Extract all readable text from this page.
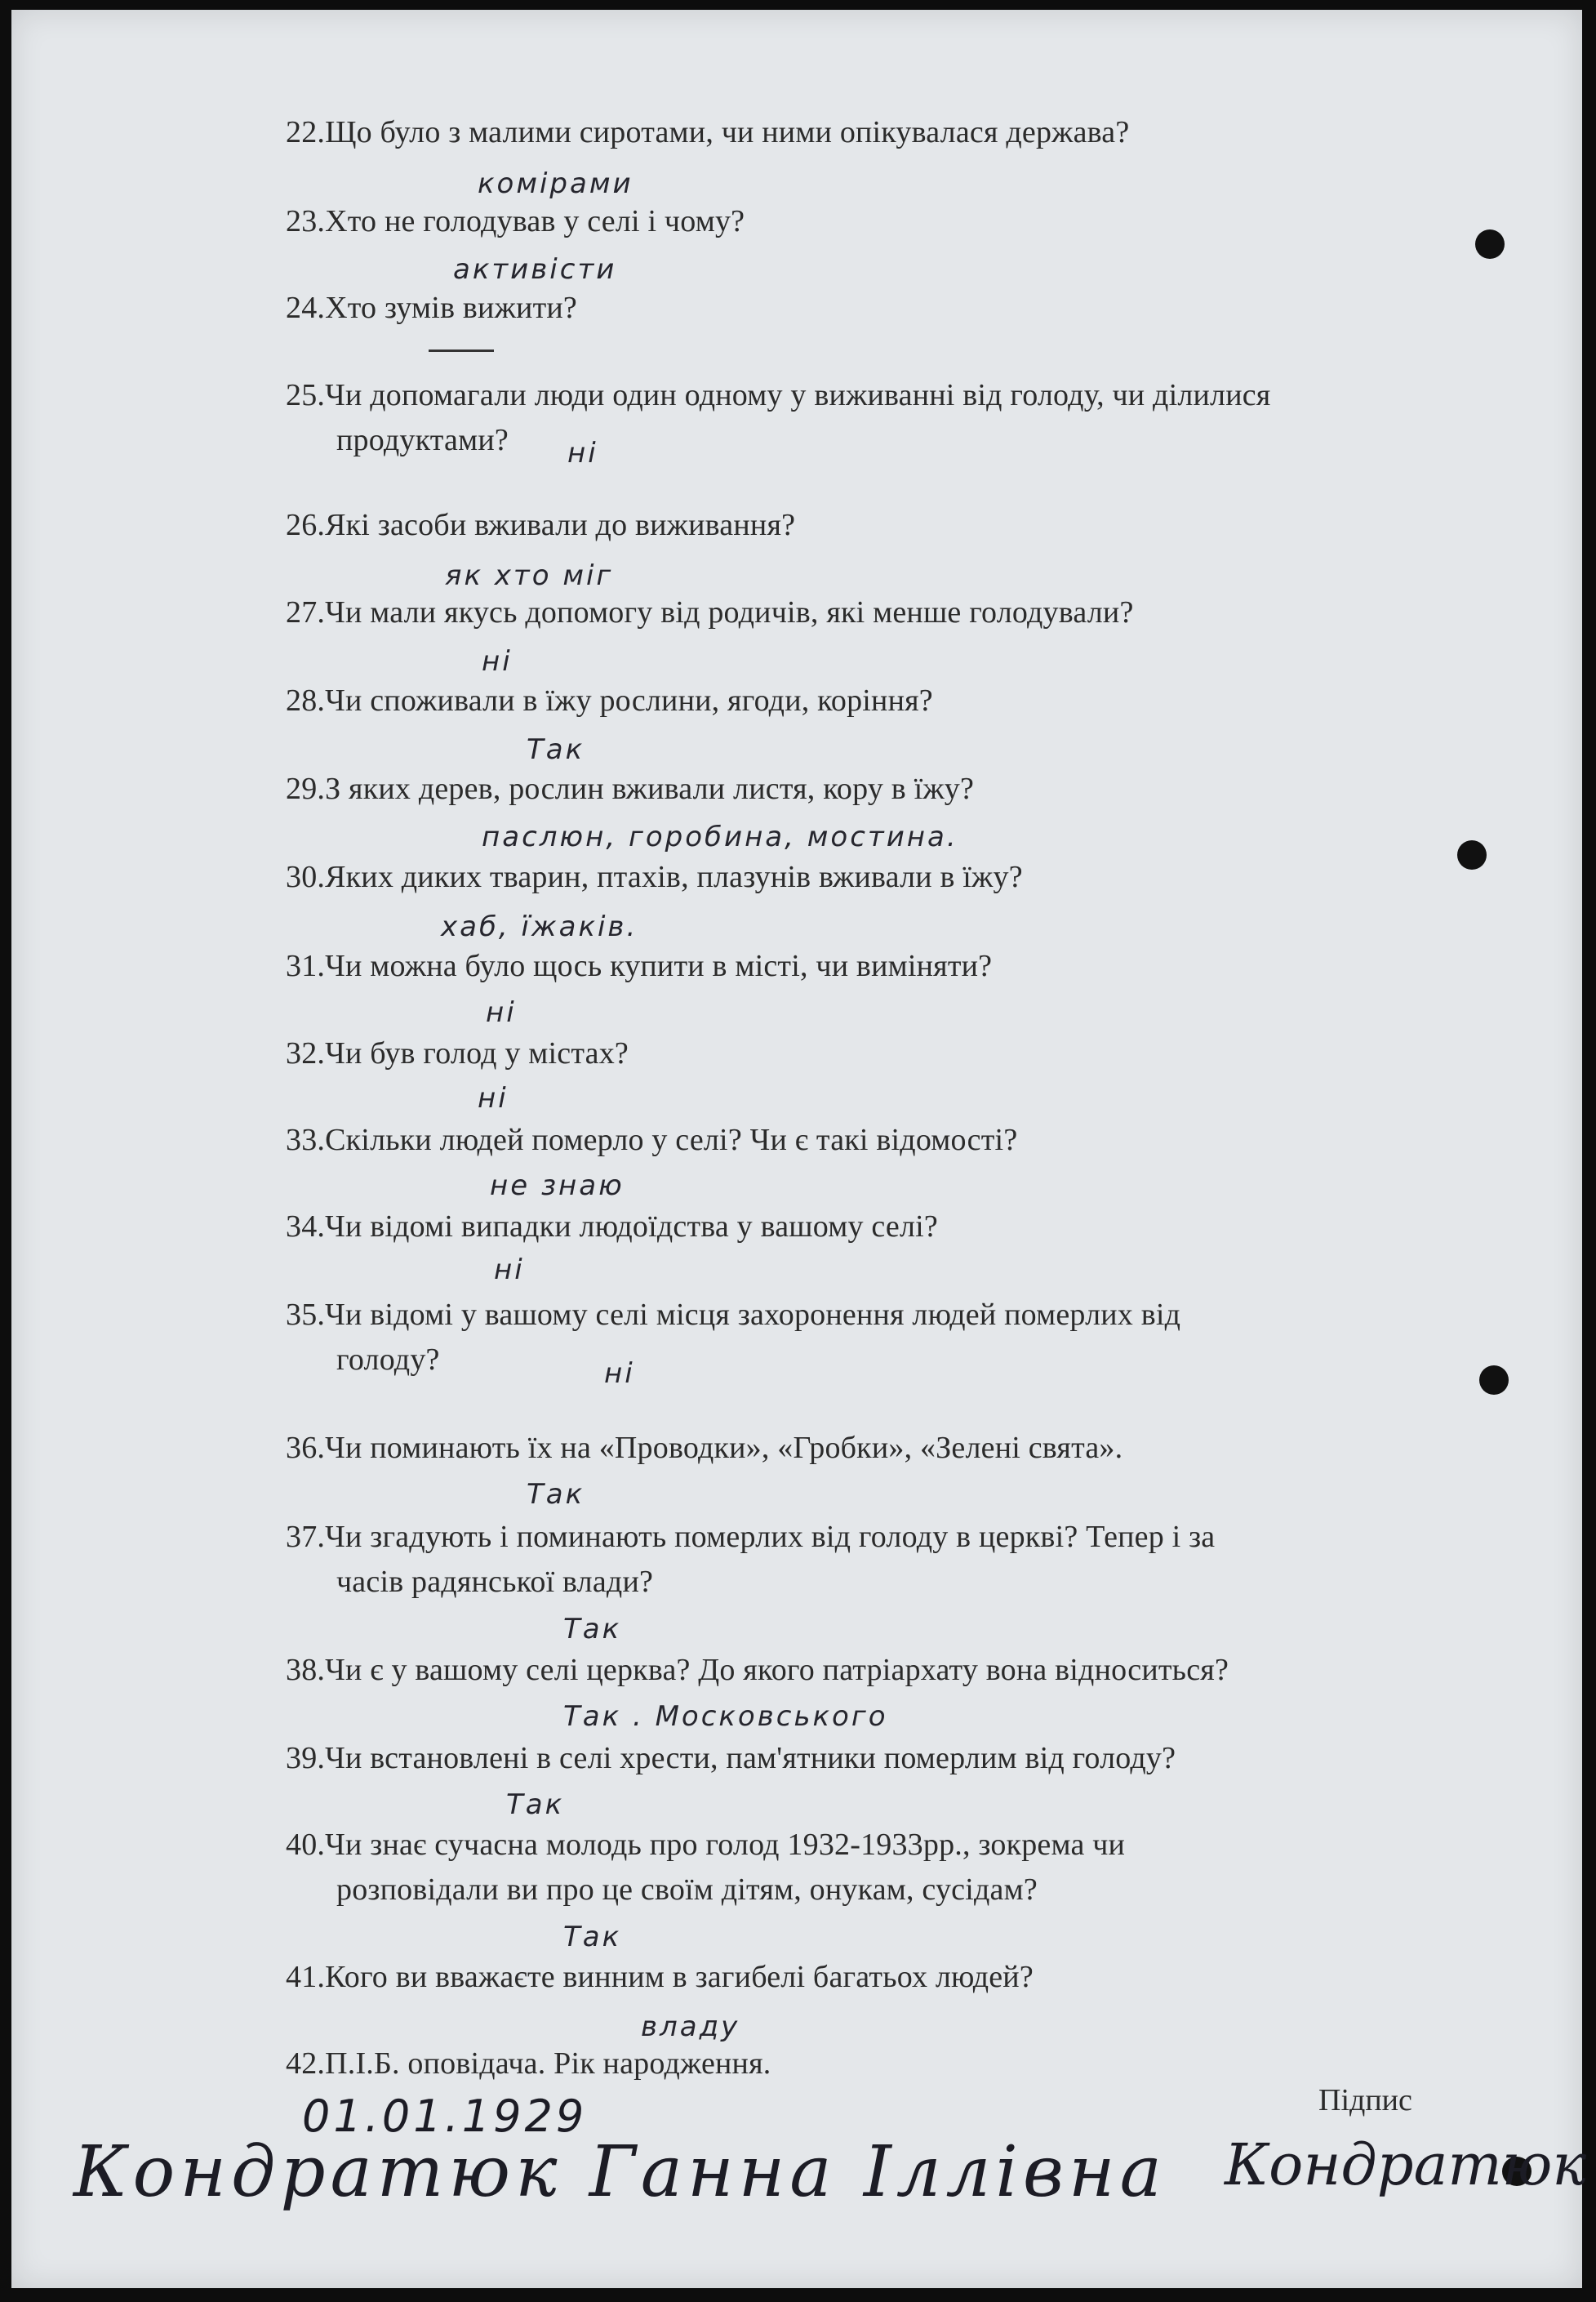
22.Що було з малими сиротами, чи ними опікувалася держава?
23.Хто не голодував у селі і чому?
24.Хто зумів вижити?
25.Чи допомагали люди один одному у виживанні від голоду, чи ділилися
продуктами?
26.Які засоби вживали до виживання?
27.Чи мали якусь допомогу від родичів, які менше голодували?
28.Чи споживали в їжу рослини, ягоди, коріння?
29.З яких дерев, рослин вживали листя, кору в їжу?
30.Яких диких тварин, птахів, плазунів вживали в їжу?
31.Чи можна було щось купити в місті, чи виміняти?
32.Чи був голод у містах?
33.Скільки людей померло у селі? Чи є такі відомості?
34.Чи відомі випадки людоїдства у вашому селі?
35.Чи відомі у вашому селі місця захоронення людей померлих від
голоду?
36.Чи поминають їх на «Проводки», «Гробки», «Зелені свята».
37.Чи згадують і поминають померлих від голоду в церкві? Тепер і за
часів радянської влади?
38.Чи є у вашому селі церква? До якого патріархату вона відноситься?
39.Чи встановлені в селі хрести, пам'ятники померлим від голоду?
40.Чи знає сучасна молодь про голод 1932-1933рр., зокрема чи
розповідали ви про це своїм дітям, онукам, сусідам?
41.Кого ви вважаєте винним в загибелі багатьох людей?
42.П.І.Б. оповідача. Рік народження.
комірами
активісти
ні
як хто міг
ні
Так
паслюн, горобина, мостина.
хаб, їжаків.
ні
ні
не знаю
ні
ні
Так
Так
Так . Московського
Так
Так
владу
Підпис
01.01.1929
Кондратюк Ганна Іллівна Кондратюк
